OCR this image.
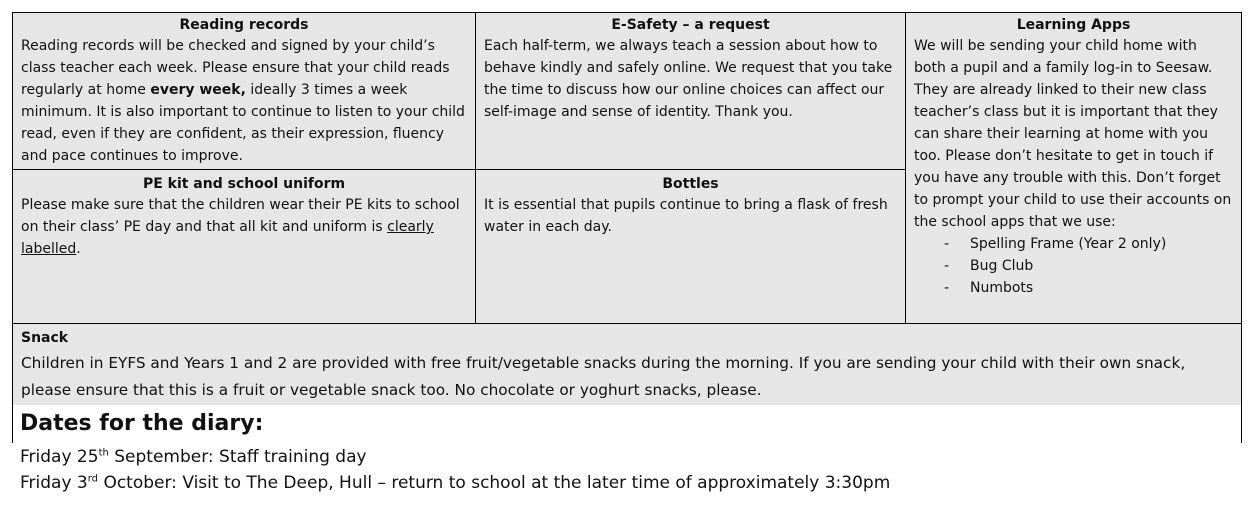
Reading records

Reading records will be checked and signed by your child’s class teacher each week. Please ensure that your child reads regularly at home every week, ideally 3 times a week minimum. It is also important to continue to listen to your child read, even if they are confident, as their expression, fluency and pace continues to improve.

E-Safety – a request

Each half-term, we always teach a session about how to behave kindly and safely online. We request that you take the time to discuss how our online choices can affect our self-image and sense of identity. Thank you.

Learning Apps

We will be sending your child home with both a pupil and a family log-in to Seesaw. They are already linked to their new class teacher’s class but it is important that they can share their learning at home with you too. Please don’t hesitate to get in touch if you have any trouble with this. Don’t forget to prompt your child to use their accounts on the school apps that we use:

- Spelling Frame (Year 2 only)
- Bug Club
- Numbots
PE kit and school uniform

Please make sure that the children wear their PE kits to school on their class’ PE day and that all kit and uniform is clearly labelled.

Bottles

It is essential that pupils continue to bring a flask of fresh water in each day.

Snack

Children in EYFS and Years 1 and 2 are provided with free fruit/vegetable snacks during the morning. If you are sending your child with their own snack, please ensure that this is a fruit or vegetable snack too. No chocolate or yoghurt snacks, please.

Dates for the diary:
Friday 25th September: Staff training day
Friday 3rd October: Visit to The Deep, Hull – return to school at the later time of approximately 3:30pm
